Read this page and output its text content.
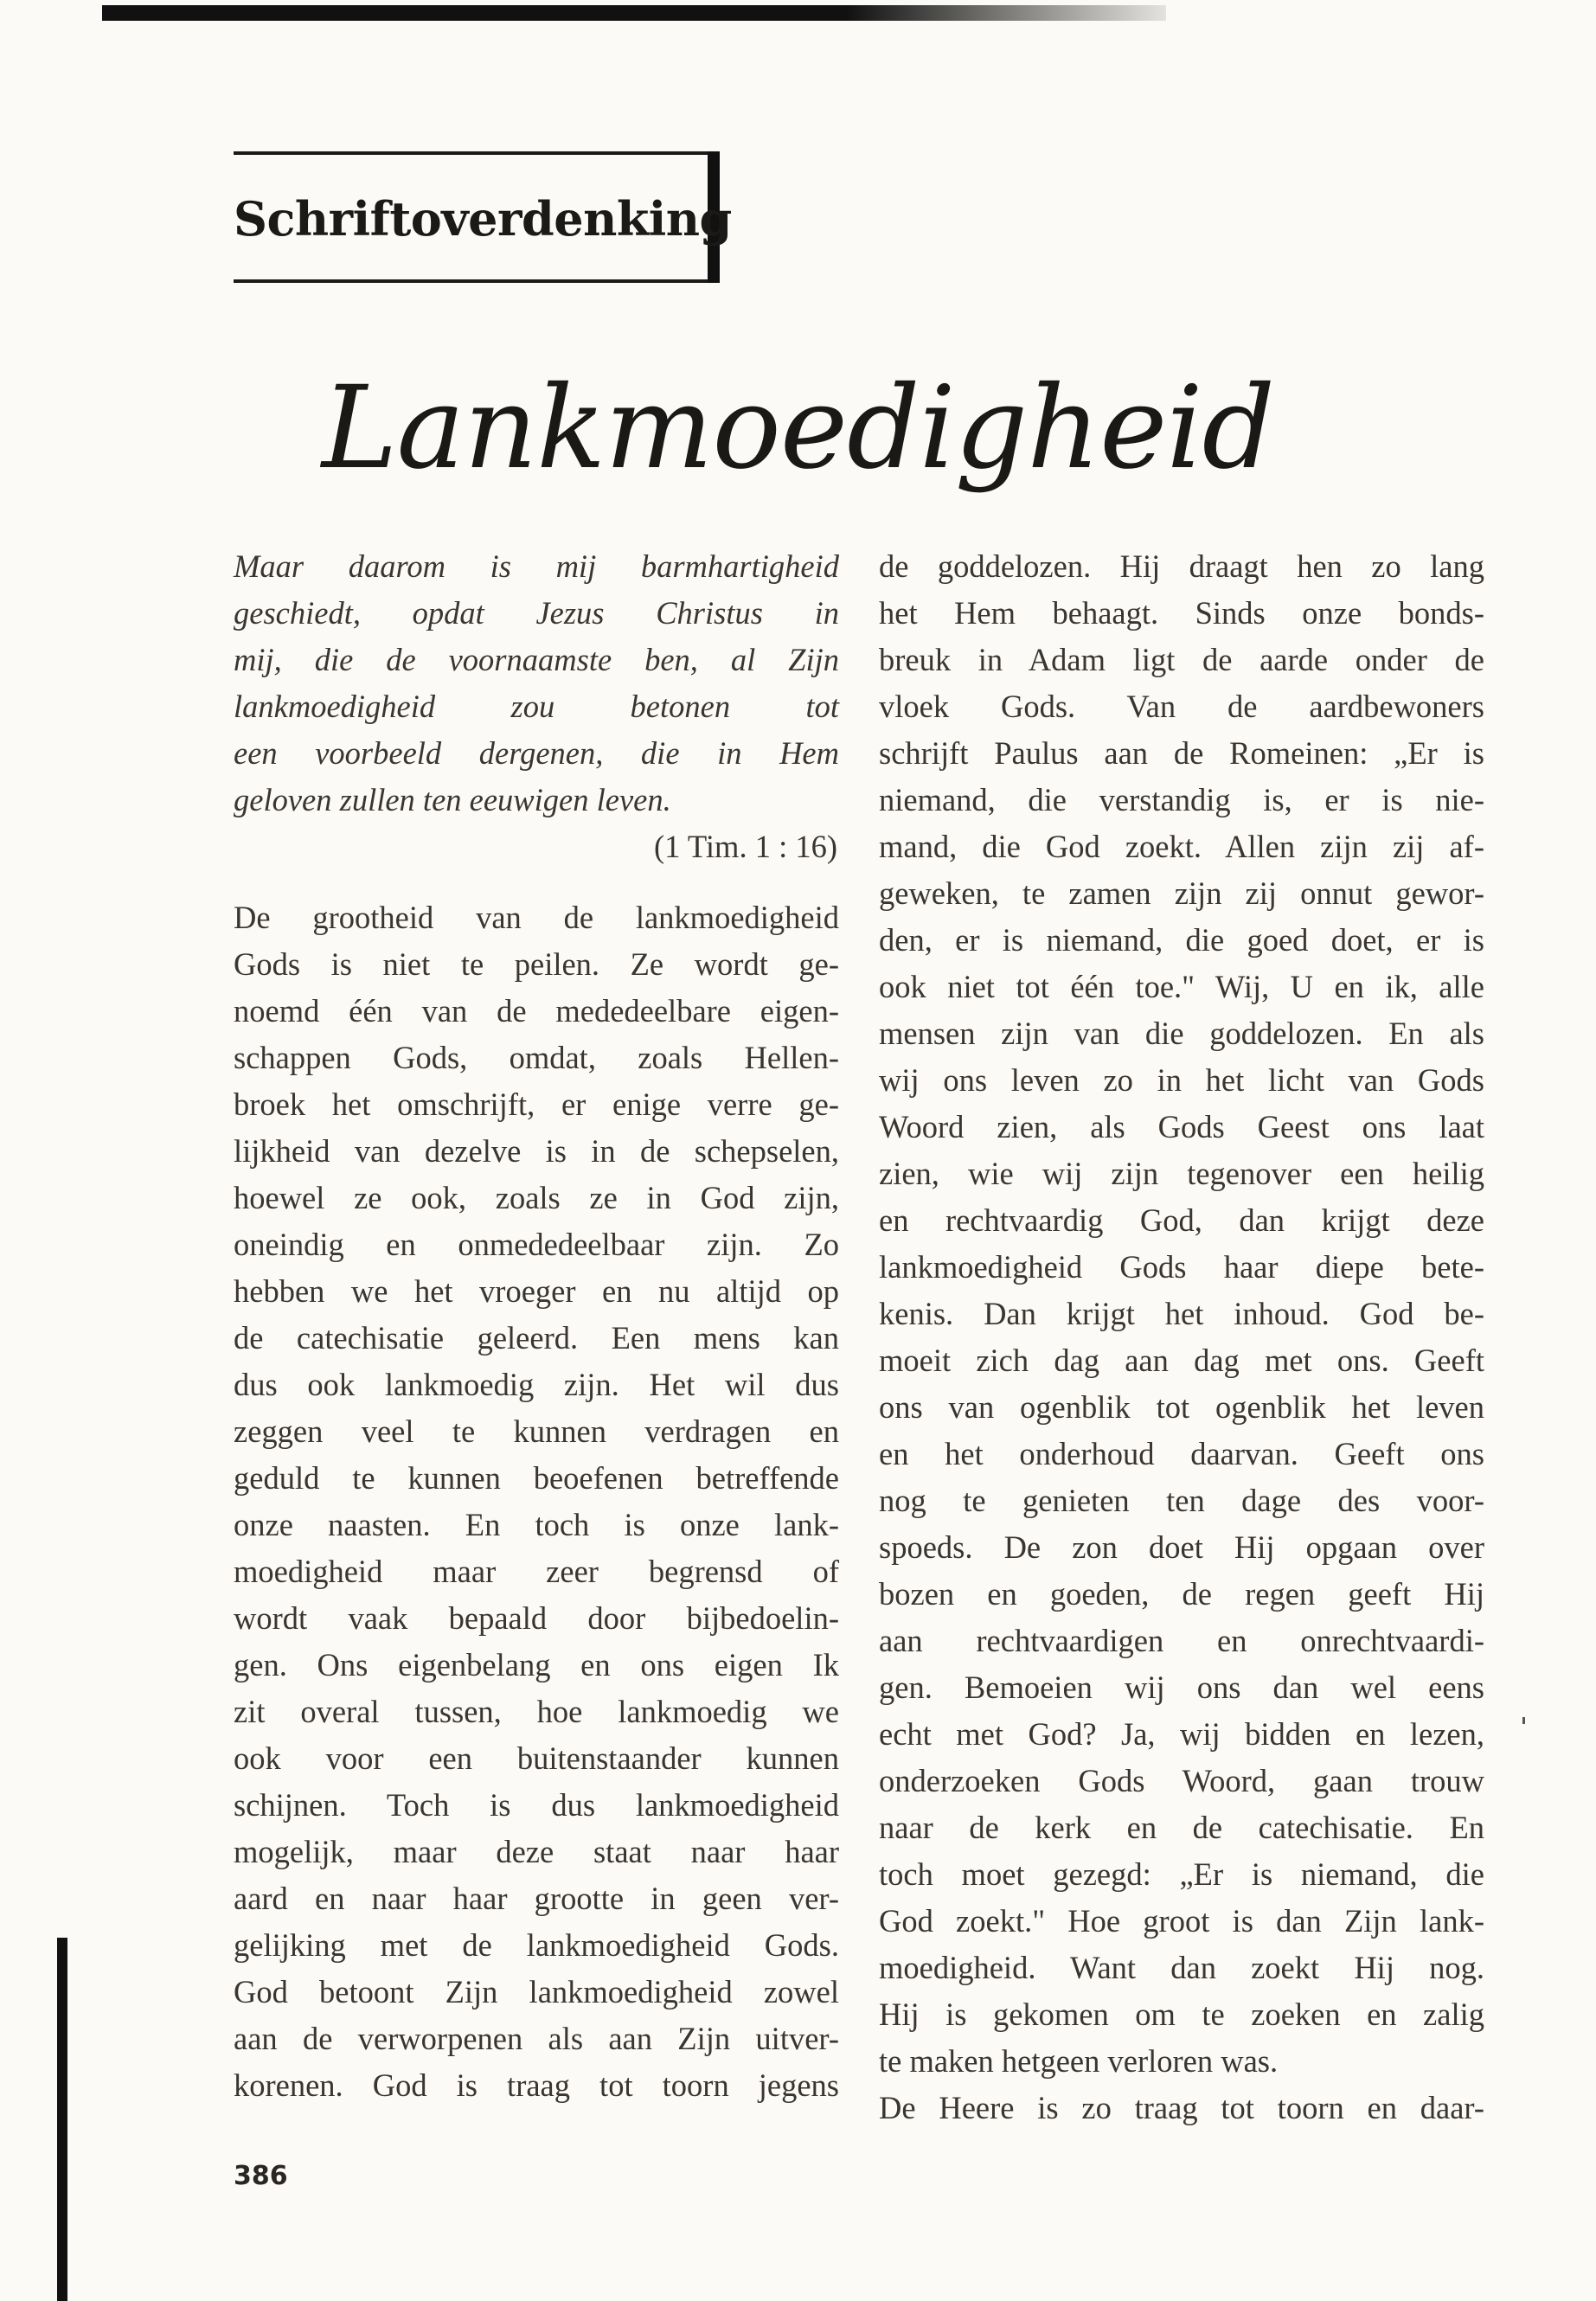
Schriftoverdenking
Lankmoedigheid
Maar daarom is mij barmhartigheid
geschiedt, opdat Jezus Christus in
mij, die de voornaamste ben, al Zijn
lankmoedigheid zou betonen tot
een voorbeeld dergenen, die in Hem
geloven zullen ten eeuwigen leven.
(1 Tim. 1 : 16)
De grootheid van de lankmoedigheid
Gods is niet te peilen. Ze wordt ge-
noemd één van de mededeelbare eigen-
schappen Gods, omdat, zoals Hellen-
broek het omschrijft, er enige verre ge-
lijkheid van dezelve is in de schepselen,
hoewel ze ook, zoals ze in God zijn,
oneindig en onmededeelbaar zijn. Zo
hebben we het vroeger en nu altijd op
de catechisatie geleerd. Een mens kan
dus ook lankmoedig zijn. Het wil dus
zeggen veel te kunnen verdragen en
geduld te kunnen beoefenen betreffende
onze naasten. En toch is onze lank-
moedigheid maar zeer begrensd of
wordt vaak bepaald door bijbedoelin-
gen. Ons eigenbelang en ons eigen Ik
zit overal tussen, hoe lankmoedig we
ook voor een buitenstaander kunnen
schijnen. Toch is dus lankmoedigheid
mogelijk, maar deze staat naar haar
aard en naar haar grootte in geen ver-
gelijking met de lankmoedigheid Gods.
God betoont Zijn lankmoedigheid zowel
aan de verworpenen als aan Zijn uitver-
korenen. God is traag tot toorn jegens
de goddelozen. Hij draagt hen zo lang
het Hem behaagt. Sinds onze bonds-
breuk in Adam ligt de aarde onder de
vloek Gods. Van de aardbewoners
schrijft Paulus aan de Romeinen: „Er is
niemand, die verstandig is, er is nie-
mand, die God zoekt. Allen zijn zij af-
geweken, te zamen zijn zij onnut gewor-
den, er is niemand, die goed doet, er is
ook niet tot één toe." Wij, U en ik, alle
mensen zijn van die goddelozen. En als
wij ons leven zo in het licht van Gods
Woord zien, als Gods Geest ons laat
zien, wie wij zijn tegenover een heilig
en rechtvaardig God, dan krijgt deze
lankmoedigheid Gods haar diepe bete-
kenis. Dan krijgt het inhoud. God be-
moeit zich dag aan dag met ons. Geeft
ons van ogenblik tot ogenblik het leven
en het onderhoud daarvan. Geeft ons
nog te genieten ten dage des voor-
spoeds. De zon doet Hij opgaan over
bozen en goeden, de regen geeft Hij
aan rechtvaardigen en onrechtvaardi-
gen. Bemoeien wij ons dan wel eens
echt met God? Ja, wij bidden en lezen,
onderzoeken Gods Woord, gaan trouw
naar de kerk en de catechisatie. En
toch moet gezegd: „Er is niemand, die
God zoekt." Hoe groot is dan Zijn lank-
moedigheid. Want dan zoekt Hij nog.
Hij is gekomen om te zoeken en zalig
te maken hetgeen verloren was.
De Heere is zo traag tot toorn en daar-
386
